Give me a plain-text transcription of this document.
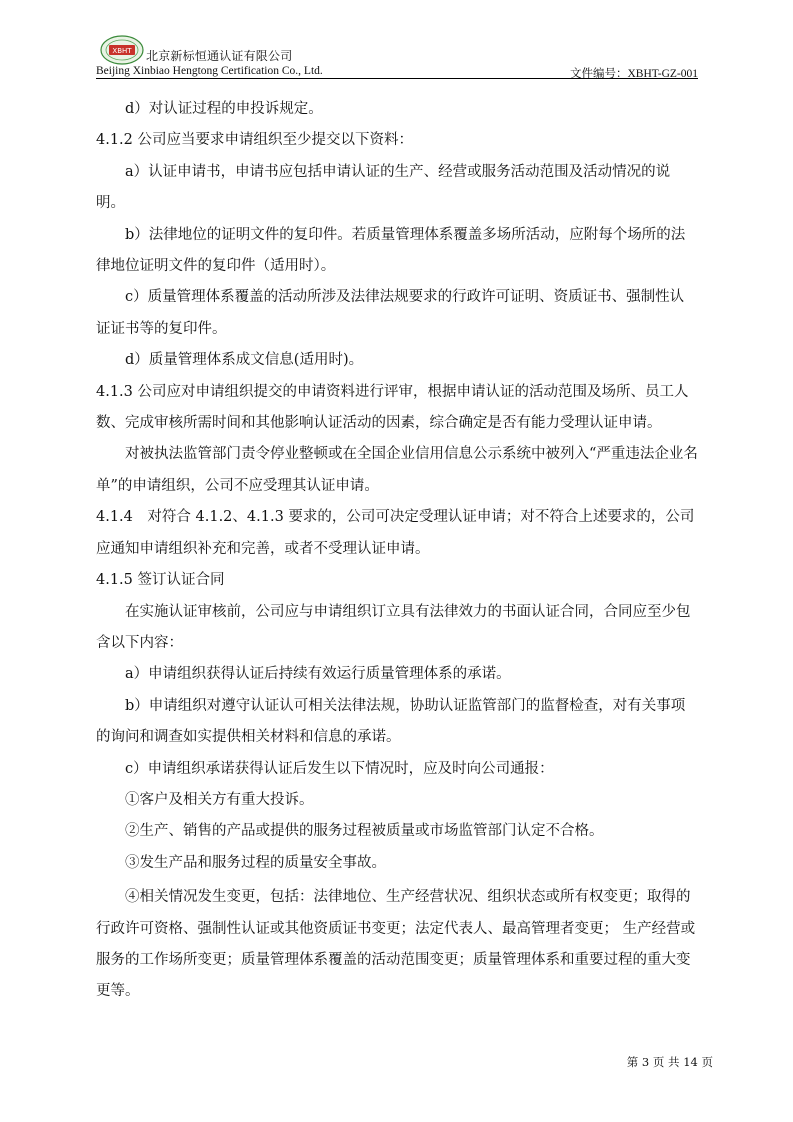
XBHT 北京新标恒通认证有限公司
Beijing Xinbiao Hengtong Certification Co., Ltd.	文件编号：XBHT-GZ-001

d）对认证过程的申投诉规定。

4.1.2 公司应当要求申请组织至少提交以下资料：

a）认证申请书，申请书应包括申请认证的生产、经营或服务活动范围及活动情况的说明。

b）法律地位的证明文件的复印件。若质量管理体系覆盖多场所活动，应附每个场所的法律地位证明文件的复印件（适用时）。

c）质量管理体系覆盖的活动所涉及法律法规要求的行政许可证明、资质证书、强制性认证证书等的复印件。

d）质量管理体系成文信息(适用时)。

4.1.3 公司应对申请组织提交的申请资料进行评审，根据申请认证的活动范围及场所、员工人数、完成审核所需时间和其他影响认证活动的因素，综合确定是否有能力受理认证申请。

对被执法监管部门责令停业整顿或在全国企业信用信息公示系统中被列入“严重违法企业名单”的申请组织，公司不应受理其认证申请。

4.1.4　对符合 4.1.2、4.1.3 要求的，公司可决定受理认证申请；对不符合上述要求的，公司应通知申请组织补充和完善，或者不受理认证申请。

4.1.5 签订认证合同

在实施认证审核前，公司应与申请组织订立具有法律效力的书面认证合同，合同应至少包含以下内容：

a）申请组织获得认证后持续有效运行质量管理体系的承诺。

b）申请组织对遵守认证认可相关法律法规，协助认证监管部门的监督检查，对有关事项的询问和调查如实提供相关材料和信息的承诺。

c）申请组织承诺获得认证后发生以下情况时，应及时向公司通报：

①客户及相关方有重大投诉。

②生产、销售的产品或提供的服务过程被质量或市场监管部门认定不合格。

③发生产品和服务过程的质量安全事故。

④相关情况发生变更，包括：法律地位、生产经营状况、组织状态或所有权变更；取得的行政许可资格、强制性认证或其他资质证书变更；法定代表人、最高管理者变更； 生产经营或服务的工作场所变更；质量管理体系覆盖的活动范围变更；质量管理体系和重要过程的重大变更等。

第 3 页 共 14 页
